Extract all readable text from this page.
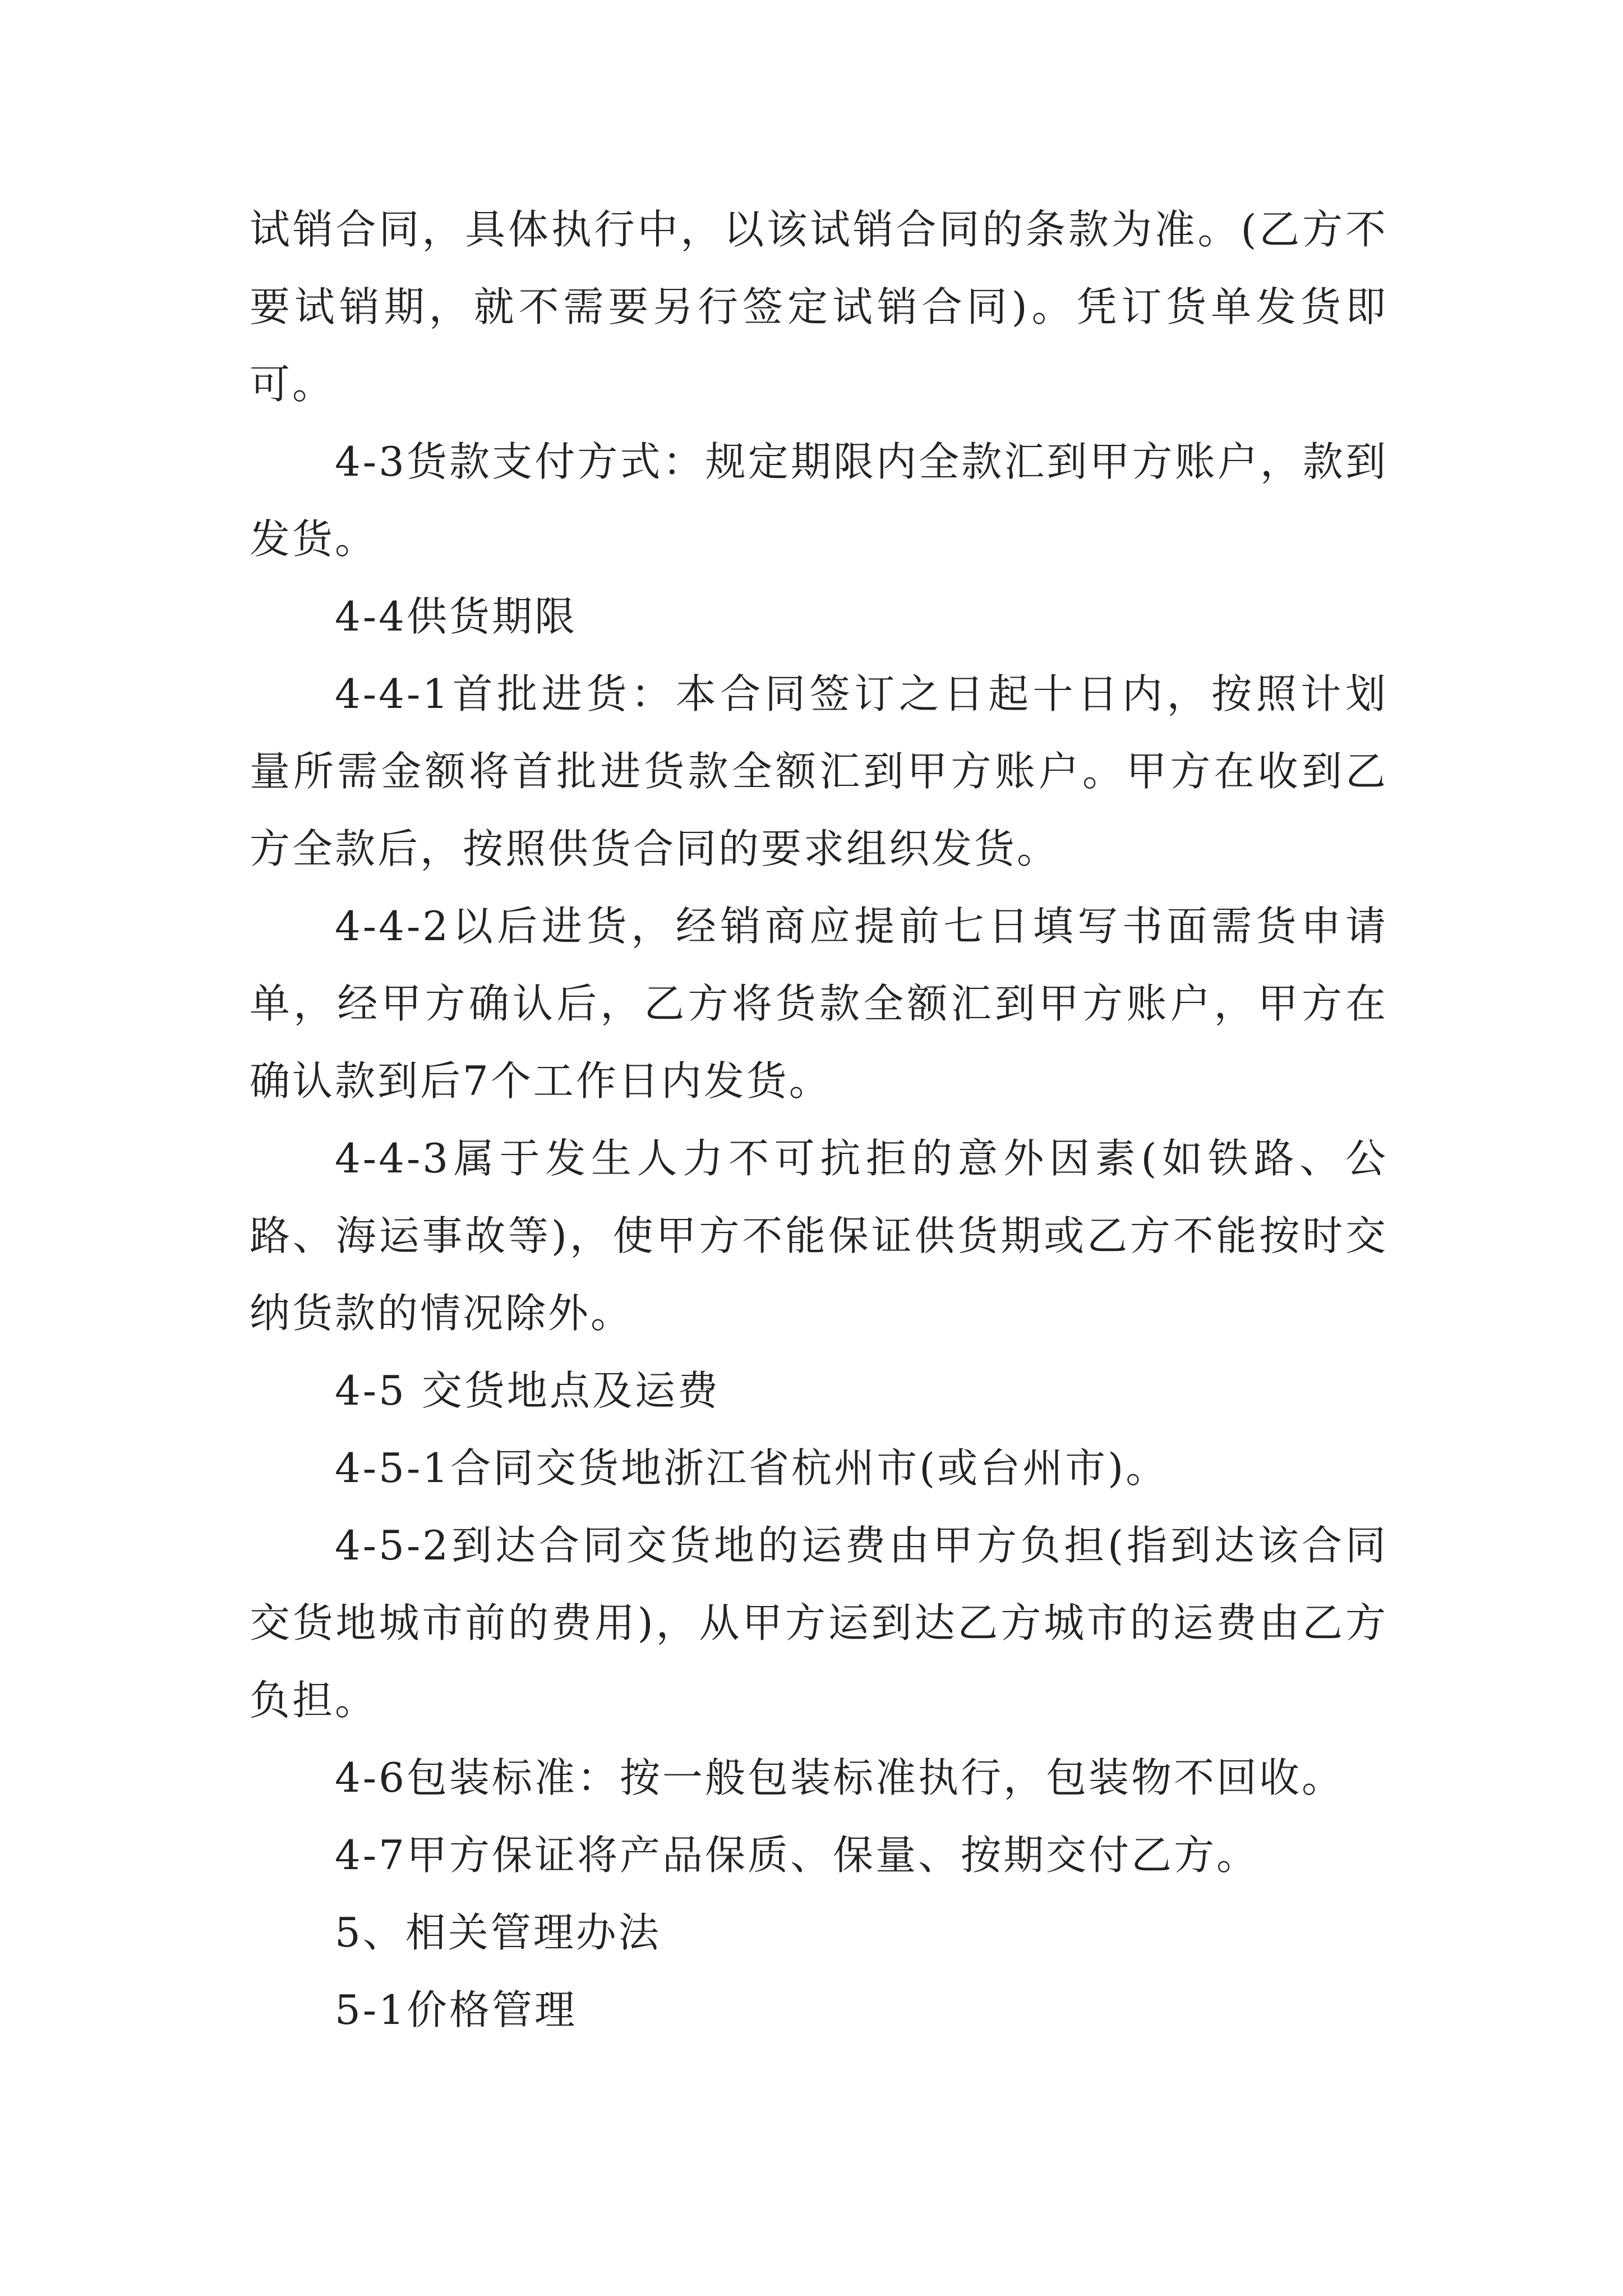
试销合同，具体执行中，以该试销合同的条款为准。(乙方不要试销期，就不需要另行签定试销合同)。凭订货单发货即可。

4-3货款支付方式：规定期限内全款汇到甲方账户，款到发货。

4-4供货期限

4-4-1首批进货：本合同签订之日起十日内，按照计划量所需金额将首批进货款全额汇到甲方账户。甲方在收到乙方全款后，按照供货合同的要求组织发货。

4-4-2以后进货，经销商应提前七日填写书面需货申请单，经甲方确认后，乙方将货款全额汇到甲方账户，甲方在确认款到后7个工作日内发货。

4-4-3属于发生人力不可抗拒的意外因素(如铁路、公路、海运事故等)，使甲方不能保证供货期或乙方不能按时交纳货款的情况除外。

4-5 交货地点及运费

4-5-1合同交货地浙江省杭州市(或台州市)。

4-5-2到达合同交货地的运费由甲方负担(指到达该合同交货地城市前的费用)，从甲方运到达乙方城市的运费由乙方负担。

4-6包装标准：按一般包装标准执行，包装物不回收。

4-7甲方保证将产品保质、保量、按期交付乙方。

5、相关管理办法

5-1价格管理
